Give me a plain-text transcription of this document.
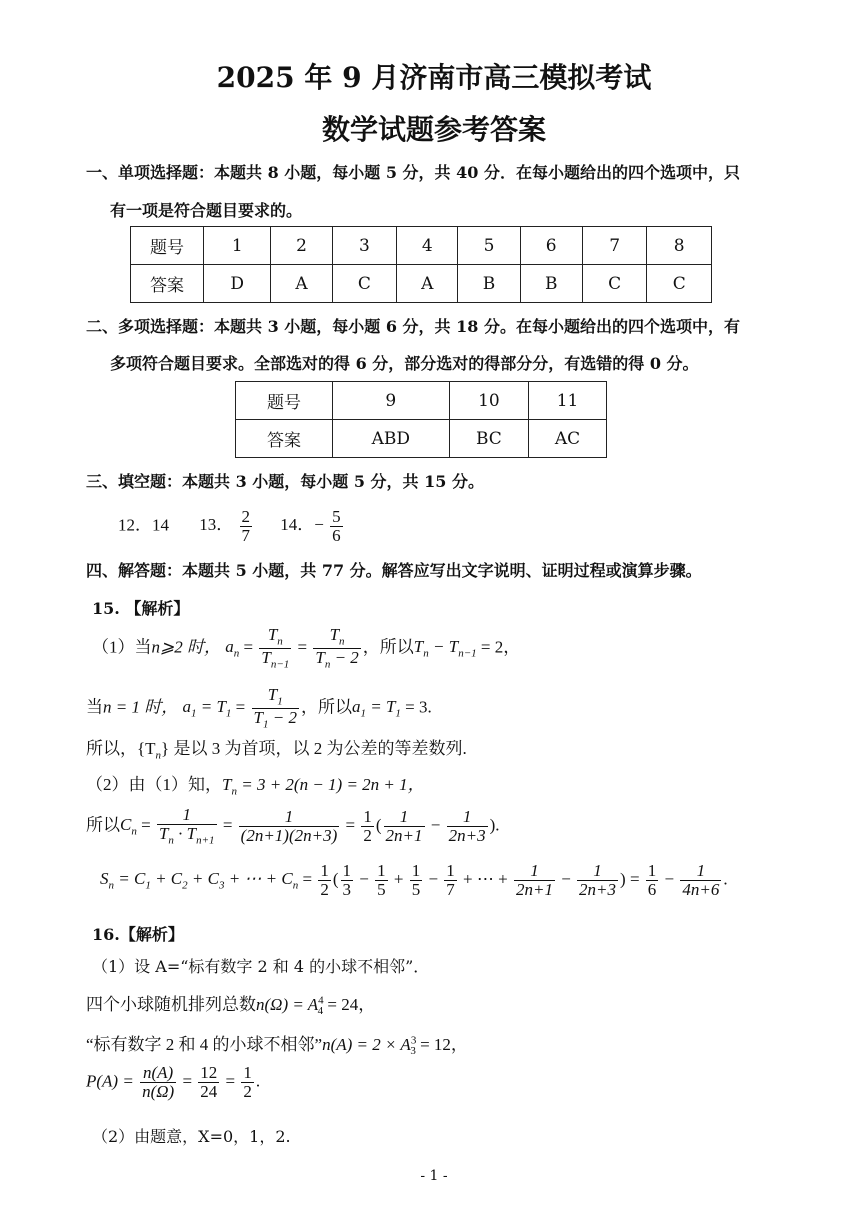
2025 年 9 月济南市高三模拟考试
数学试题参考答案
一、单项选择题：本题共 8 小题，每小题 5 分，共 40 分．在每小题给出的四个选项中，只
有一项是符合题目要求的。
题号	1	2	3	4	5	6	7	8
答案	D	A	C	A	B	B	C	C
二、多项选择题：本题共 3 小题，每小题 6 分，共 18 分。在每小题给出的四个选项中，有
多项符合题目要求。全部选对的得 6 分，部分选对的得部分分，有选错的得 0 分。
题号	9	10	11
答案	ABD	BC	AC
三、填空题：本题共 3 小题，每小题 5 分，共 15 分。
12．14 13． $\frac{2}{7} 14$．− $\frac{5}{6}$
四、解答题：本题共 5 小题，共 77 分。解答应写出文字说明、证明过程或演算步骤。
15. 【解析】
（1）当n⩾2 时， $a_n = \frac{T_n}{T_{n-1}} = \frac{T_n}{T_n - 2}$ ，所以$T_n - T_{n-1} = 2$，
当n = 1 时， $a_1 = T_1 = \frac{T_1}{T_1 - 2}$ ，所以$a_1 = T_1 = 3$.
所以，$\{T_n\}$ 是以 3 为首项，以 2 为公差的等差数列.
（2）由（1）知，$T_n = 3 + 2(n - 1) = 2n + 1$，
所以$C_n = \frac{1}{T_n \cdot T_{n+1}} = \frac{1}{(2n+1)(2n+3)} = \frac{1}{2}$ ( $\frac{1}{2n+1} - \frac{1}{2n+3}$ ).
$S_n = C_1 + C_2 + C_3$ + ⋯ + $C_n = \frac{1}{2}$ ( $\frac{1}{3} - \frac{1}{5} + \frac{1}{5} - \frac{1}{7}$ + ⋯ + $\frac{1}{2n+1} - \frac{1}{2n+3}$ ) = $\frac{1}{6} - \frac{1}{4n+6}$ .
16.【解析】
（1）设 A=“标有数字 2 和 4 的小球不相邻”．
四个小球随机排列总数$n(\Omega) = A^4_4 = 24$，
“标有数字 2 和 4 的小球不相邻”n(A) = $2 \times A^3_3 = 12$，
$P(A) = \frac{n(A)}{n(\Omega)} = \frac{12}{24} = \frac{1}{2}$ .
（2）由题意，X=0，1，2.
- 1 -
